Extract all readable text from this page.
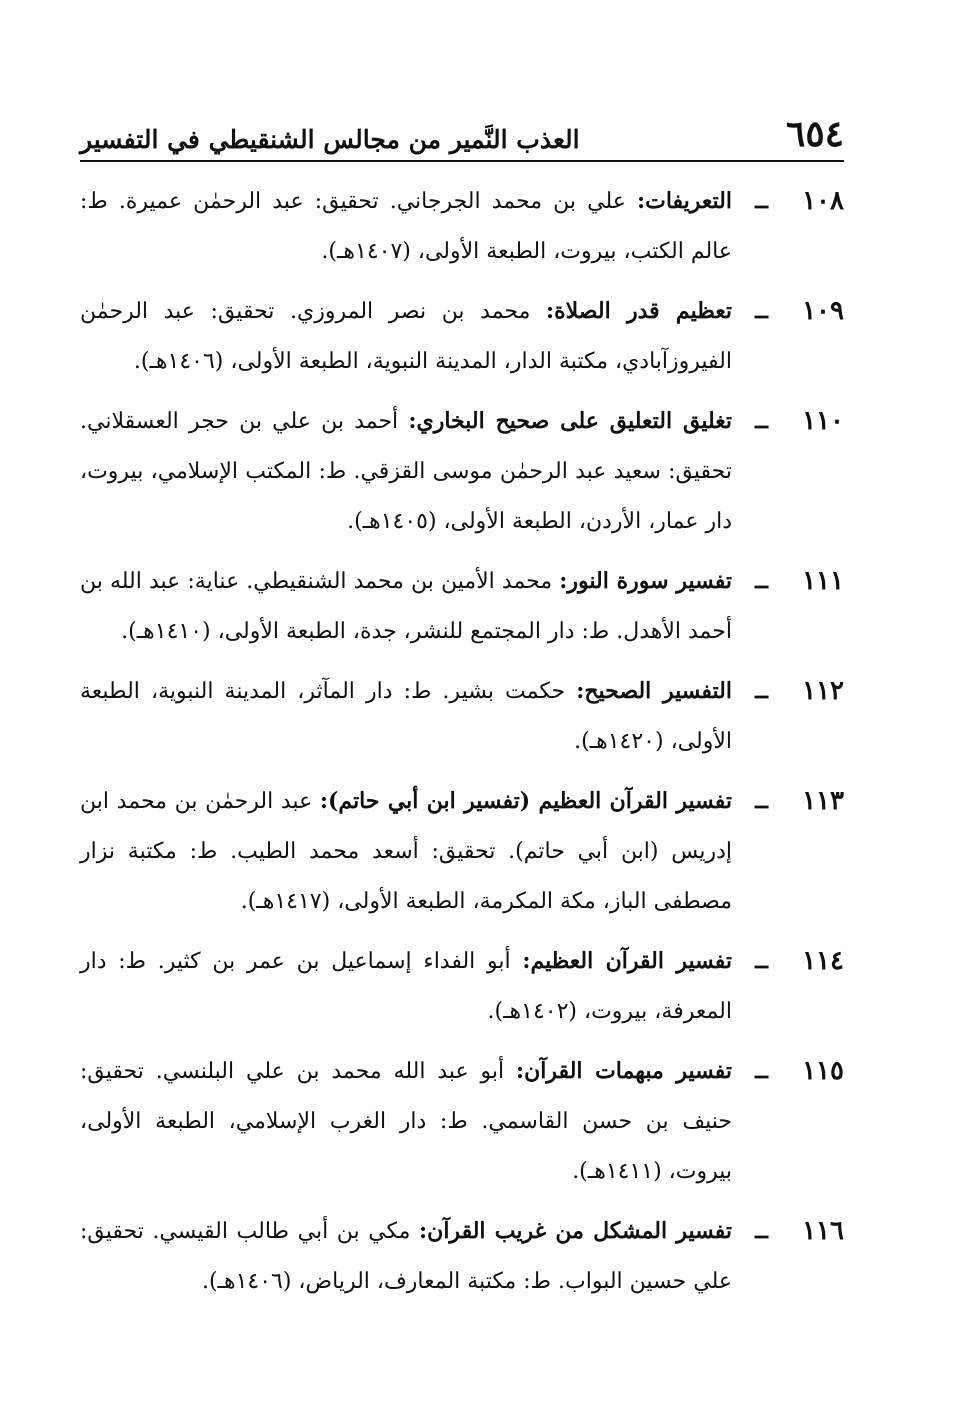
٦٥٤
العذب النَّمير من مجالس الشنقيطي في التفسير
١٠٨
ــ
التعريفات: علي بن محمد الجرجاني. تحقيق: عبد الرحمٰن عميرة. ط: عالم الكتب، بيروت، الطبعة الأولى، (١٤٠٧هـ).
١٠٩
ــ
تعظيم قدر الصلاة: محمد بن نصر المروزي. تحقيق: عبد الرحمٰن الفيروزآبادي، مكتبة الدار، المدينة النبوية، الطبعة الأولى، (١٤٠٦هـ).
١١٠
ــ
تغليق التعليق على صحيح البخاري: أحمد بن علي بن حجر العسقلاني. تحقيق: سعيد عبد الرحمٰن موسى القزقي. ط: المكتب الإسلامي، بيروت، دار عمار، الأردن، الطبعة الأولى، (١٤٠٥هـ).
١١١
ــ
تفسير سورة النور: محمد الأمين بن محمد الشنقيطي. عناية: عبد الله بن أحمد الأهدل. ط: دار المجتمع للنشر، جدة، الطبعة الأولى، (١٤١٠هـ).
١١٢
ــ
التفسير الصحيح: حكمت بشير. ط: دار المآثر، المدينة النبوية، الطبعة الأولى، (١٤٢٠هـ).
١١٣
ــ
تفسير القرآن العظيم (تفسير ابن أبي حاتم): عبد الرحمٰن بن محمد ابن إدريس (ابن أبي حاتم). تحقيق: أسعد محمد الطيب. ط: مكتبة نزار مصطفى الباز، مكة المكرمة، الطبعة الأولى، (١٤١٧هـ).
١١٤
ــ
تفسير القرآن العظيم: أبو الفداء إسماعيل بن عمر بن كثير. ط: دار المعرفة، بيروت، (١٤٠٢هـ).
١١٥
ــ
تفسير مبهمات القرآن: أبو عبد الله محمد بن علي البلنسي. تحقيق: حنيف بن حسن القاسمي. ط: دار الغرب الإسلامي، الطبعة الأولى، بيروت، (١٤١١هـ).
١١٦
ــ
تفسير المشكل من غريب القرآن: مكي بن أبي طالب القيسي. تحقيق: علي حسين البواب. ط: مكتبة المعارف، الرياض، (١٤٠٦هـ).
